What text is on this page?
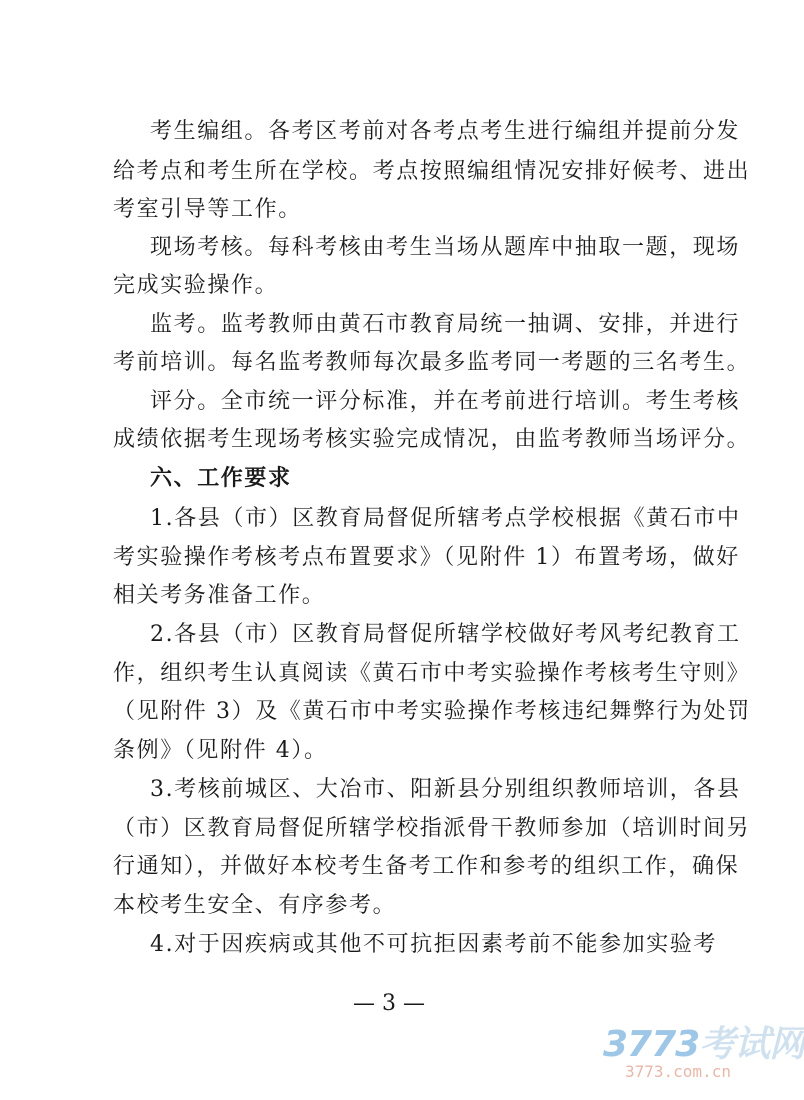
考生编组。各考区考前对各考点考生进行编组并提前分发
给考点和考生所在学校。考点按照编组情况安排好候考、进出
考室引导等工作。
现场考核。每科考核由考生当场从题库中抽取一题，现场
完成实验操作。
监考。监考教师由黄石市教育局统一抽调、安排，并进行
考前培训。每名监考教师每次最多监考同一考题的三名考生。
评分。全市统一评分标准，并在考前进行培训。考生考核
成绩依据考生现场考核实验完成情况，由监考教师当场评分。
六、工作要求
1.各县（市）区教育局督促所辖考点学校根据《黄石市中
考实验操作考核考点布置要求》（见附件 1）布置考场，做好
相关考务准备工作。
2.各县（市）区教育局督促所辖学校做好考风考纪教育工
作，组织考生认真阅读《黄石市中考实验操作考核考生守则》
（见附件 3）及《黄石市中考实验操作考核违纪舞弊行为处罚
条例》（见附件 4）。
3.考核前城区、大冶市、阳新县分别组织教师培训，各县
（市）区教育局督促所辖学校指派骨干教师参加（培训时间另
行通知），并做好本校考生备考工作和参考的组织工作，确保
本校考生安全、有序参考。
4.对于因疾病或其他不可抗拒因素考前不能参加实验考
— 3 —
3773考试网
3773.com.cn
